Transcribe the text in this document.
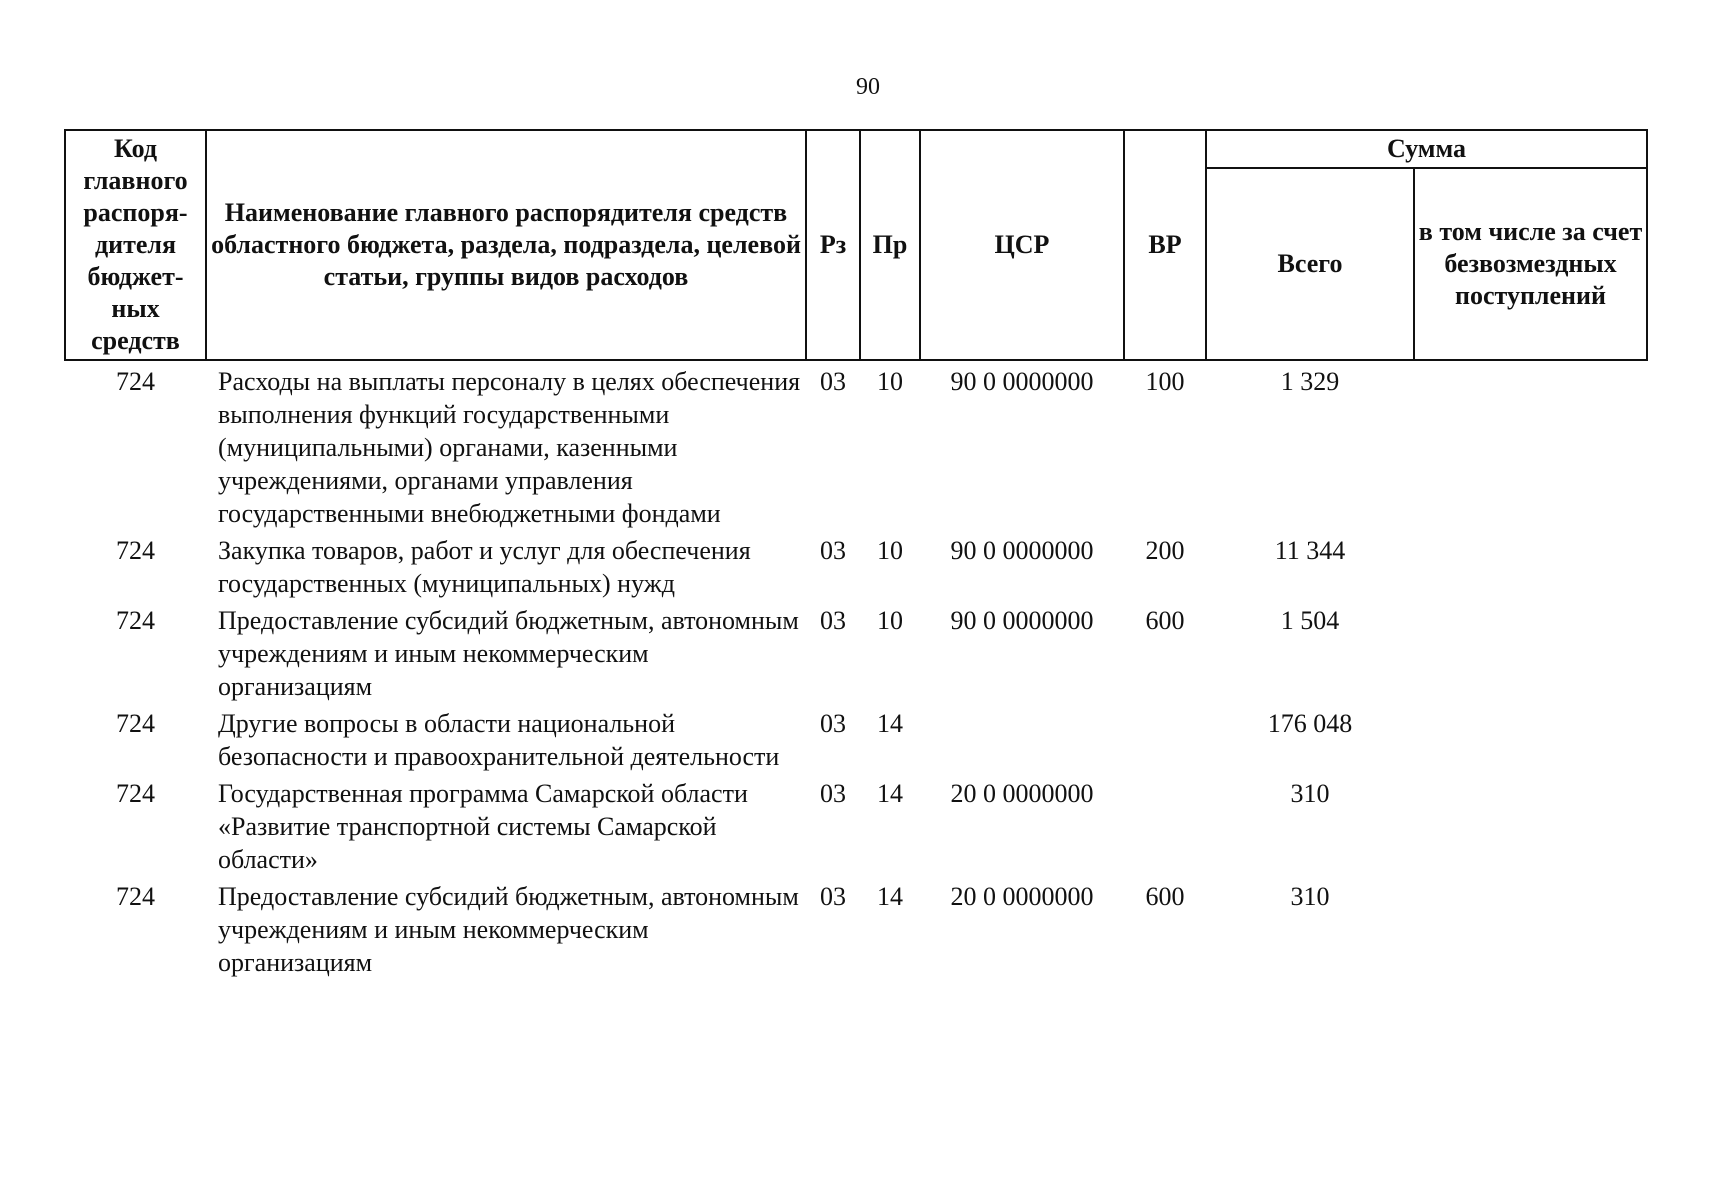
90
Код главного распоря-дителя бюджет-ных средств	Наименование главного распорядителя средств областного бюджета, раздела, подраздела, целевой статьи, группы видов расходов	Рз	Пр	ЦСР	ВР	Сумма	
						Всего	в том числе за счет безвозмездных поступлений
724	Расходы на выплаты персоналу в целях обеспечения выполнения функций государственными (муниципальными) органами, казенными учреждениями, органами управления государственными внебюджетными фондами	03	10	90 0 0000000	100	1 329	
724	Закупка товаров, работ и услуг для обеспечения государственных (муниципальных) нужд	03	10	90 0 0000000	200	11 344	
724	Предоставление субсидий бюджетным, автономным учреждениям и иным некоммерческим организациям	03	10	90 0 0000000	600	1 504	
724	Другие вопросы в области национальной безопасности и правоохранительной деятельности	03	14			176 048	
724	Государственная программа Самарской области «Развитие транспортной системы Самарской области»	03	14	20 0 0000000		310	
724	Предоставление субсидий бюджетным, автономным учреждениям и иным некоммерческим организациям	03	14	20 0 0000000	600	310	
